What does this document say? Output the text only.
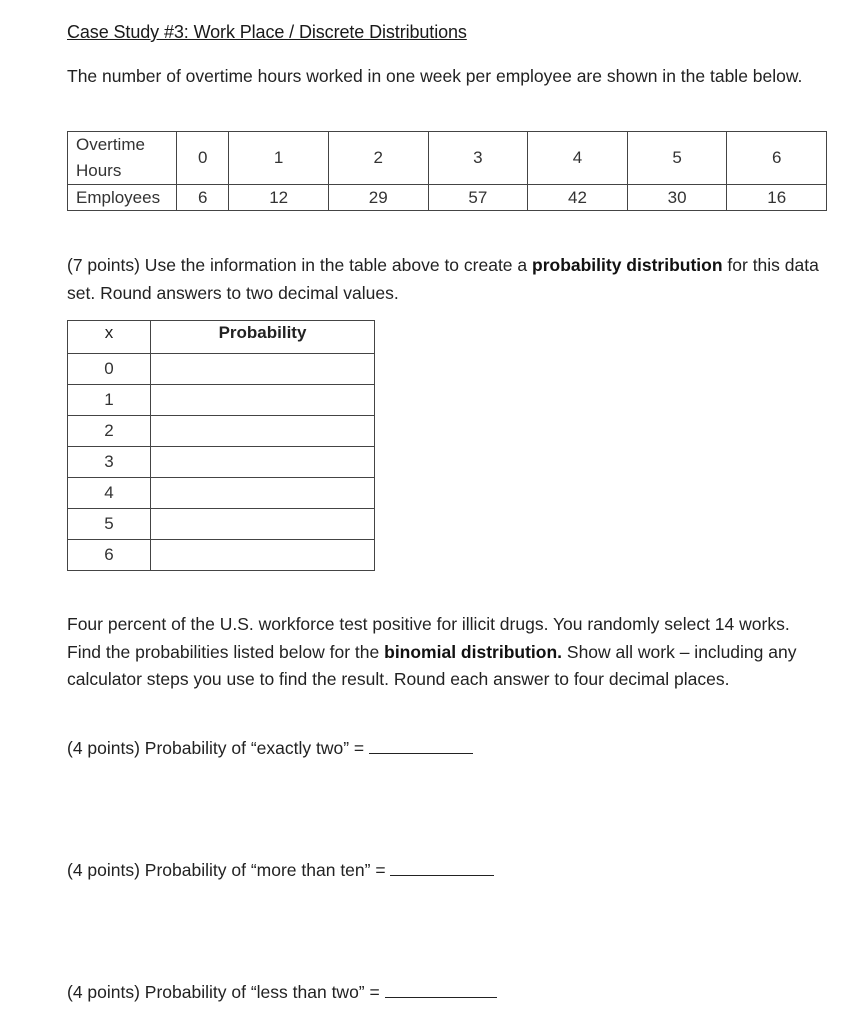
Case Study #3: Work Place / Discrete Distributions
The number of overtime hours worked in one week per employee are shown in the table below.
Overtime Hours	0	1	2	3	4	5	6
Employees	6	12	29	57	42	30	16
(7 points) Use the information in the table above to create a probability distribution for this data set. Round answers to two decimal values.
x	Probability
0	
1	
2	
3	
4	
5	
6	
Four percent of the U.S. workforce test positive for illicit drugs. You randomly select 14 works. Find the probabilities listed below for the binomial distribution. Show all work – including any calculator steps you use to find the result. Round each answer to four decimal places.
(4 points) Probability of “exactly two” =
(4 points) Probability of “more than ten” =
(4 points) Probability of “less than two” =
